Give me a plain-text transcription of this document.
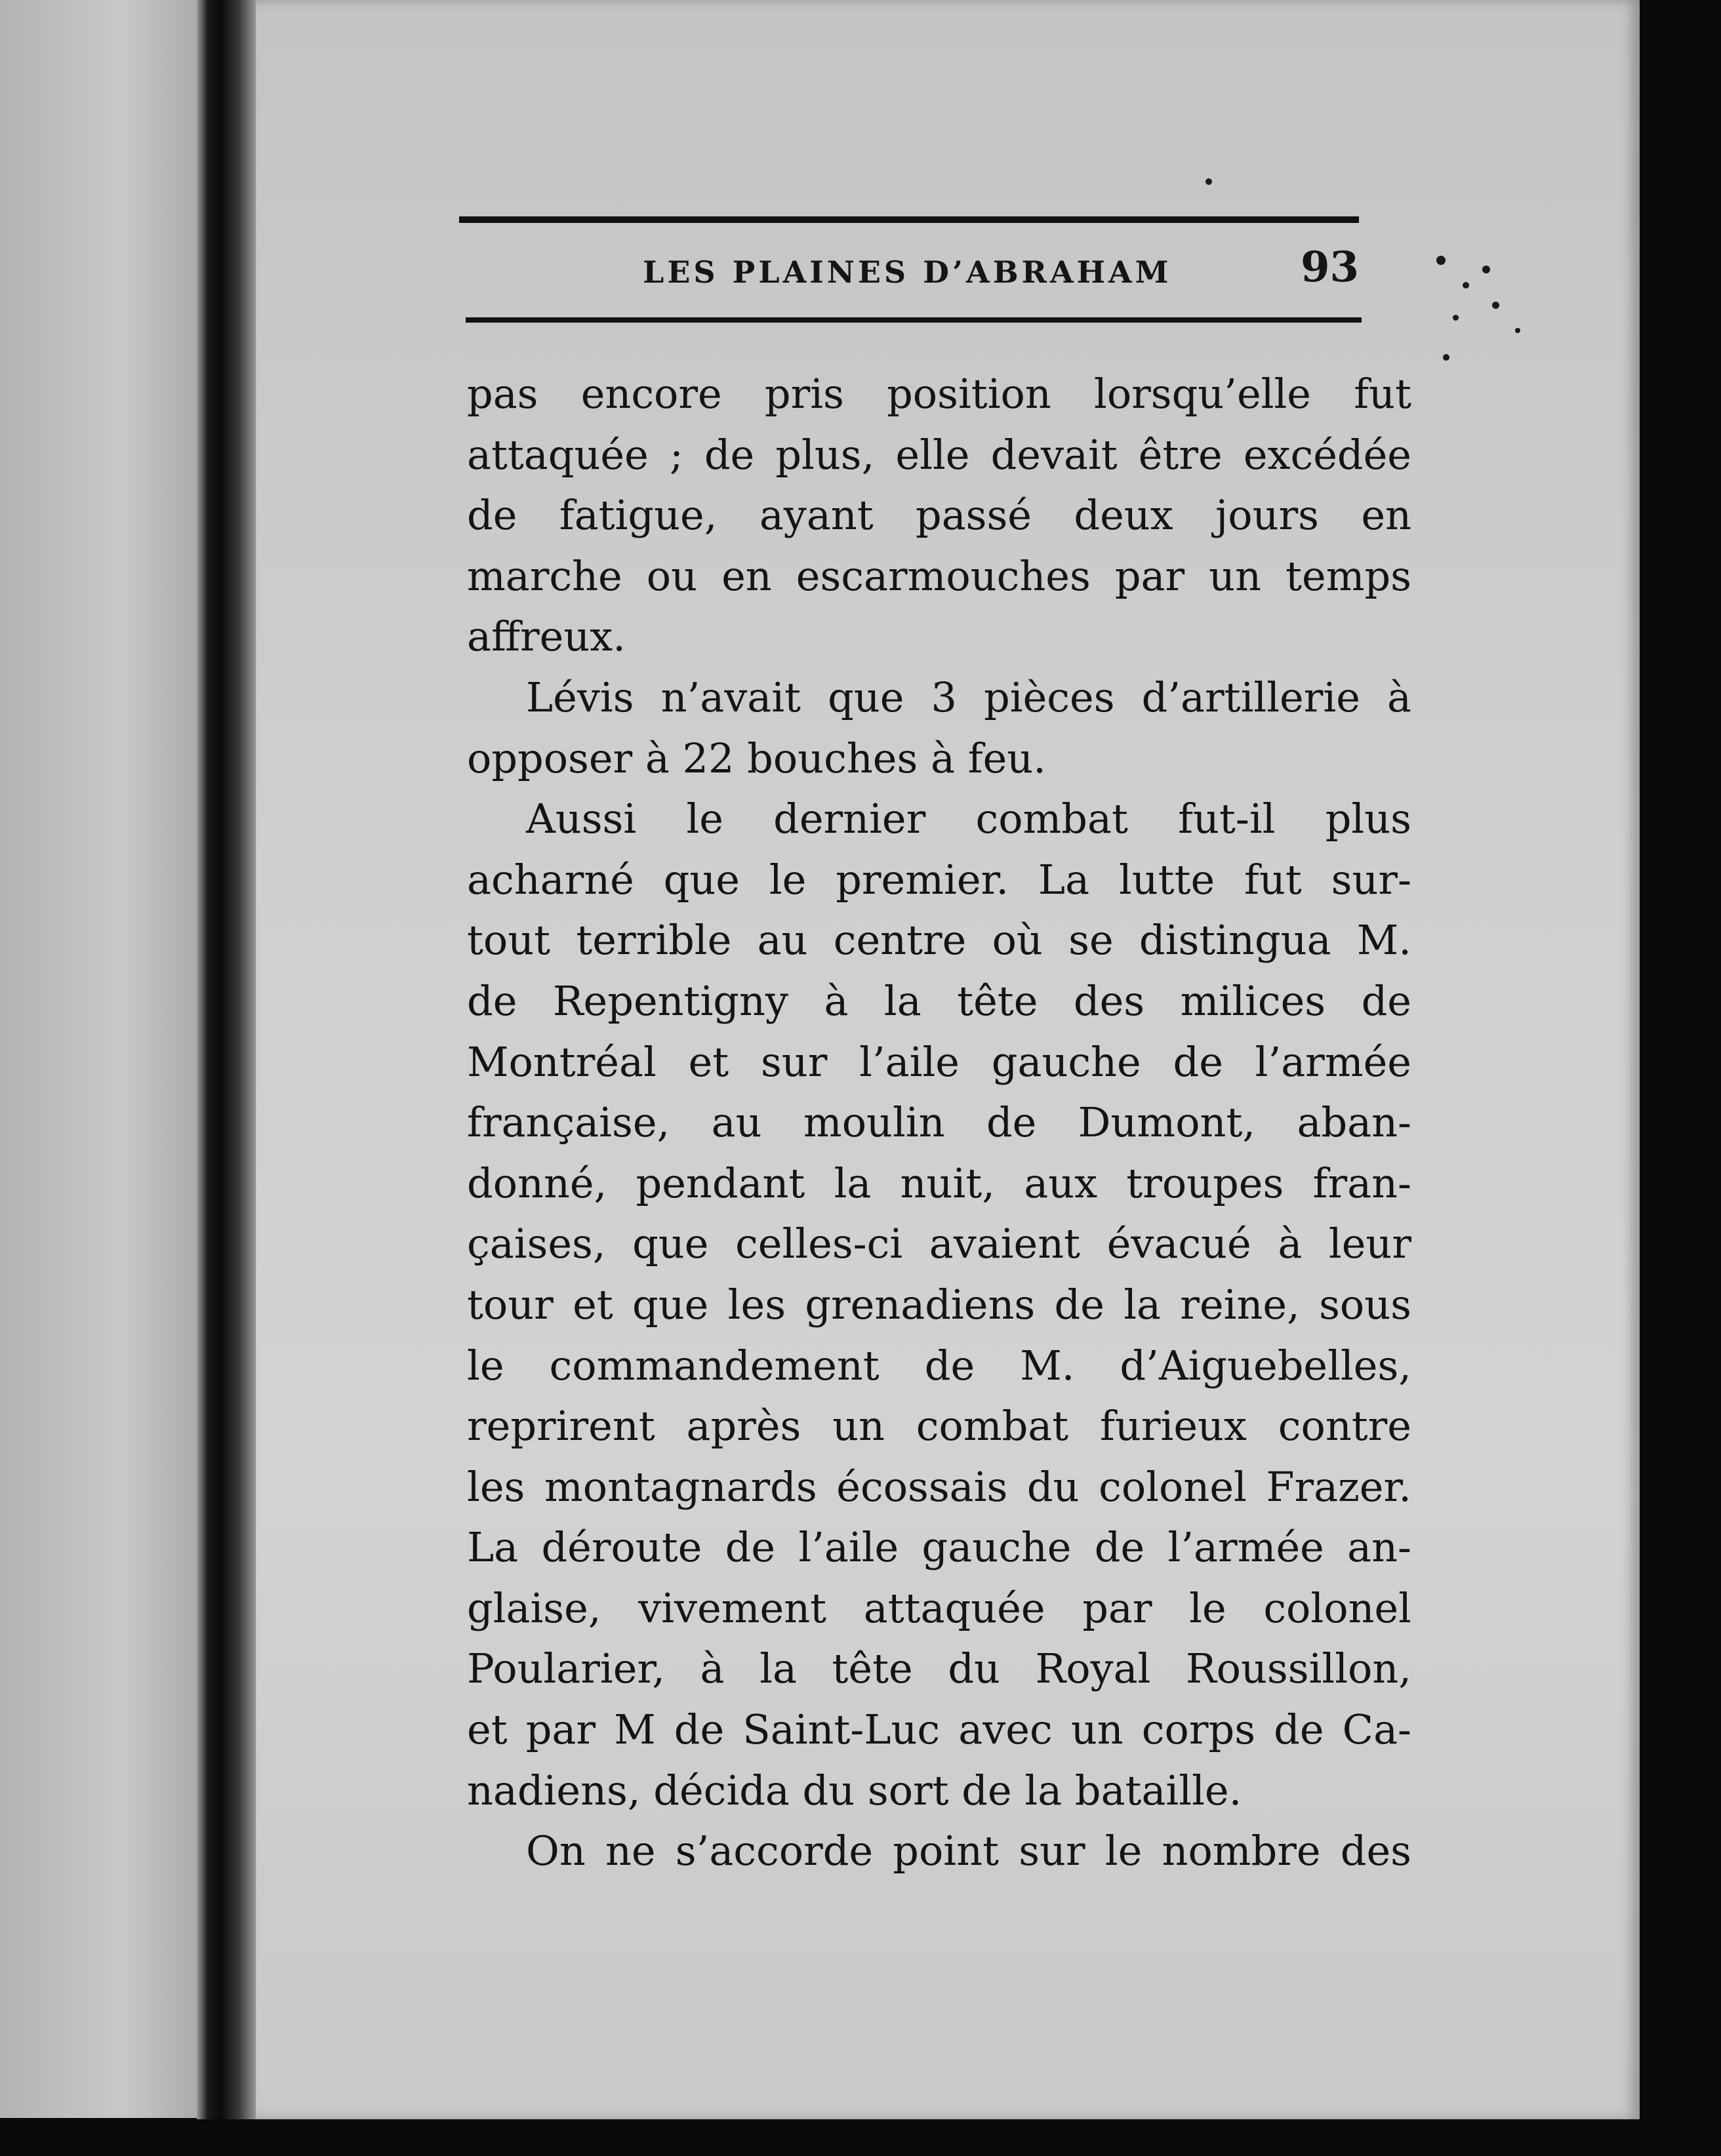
LES PLAINES D’ABRAHAM	93
pas encore pris position lorsqu’elle fut
attaquée ; de plus, elle devait être excédée
de fatigue, ayant passé deux jours en
marche ou en escarmouches par un temps
affreux.
Lévis n’avait que 3 pièces d’artillerie à
opposer à 22 bouches à feu.
Aussi le dernier combat fut-il plus
acharné que le premier. La lutte fut sur-
tout terrible au centre où se distingua M.
de Repentigny à la tête des milices de
Montréal et sur l’aile gauche de l’armée
française, au moulin de Dumont, aban-
donné, pendant la nuit, aux troupes fran-
çaises, que celles-ci avaient évacué à leur
tour et que les grenadiens de la reine, sous
le commandement de M. d’Aiguebelles,
reprirent après un combat furieux contre
les montagnards écossais du colonel Frazer.
La déroute de l’aile gauche de l’armée an-
glaise, vivement attaquée par le colonel
Poularier, à la tête du Royal Roussillon,
et par M de Saint-Luc avec un corps de Ca-
nadiens, décida du sort de la bataille.
On ne s’accorde point sur le nombre des
